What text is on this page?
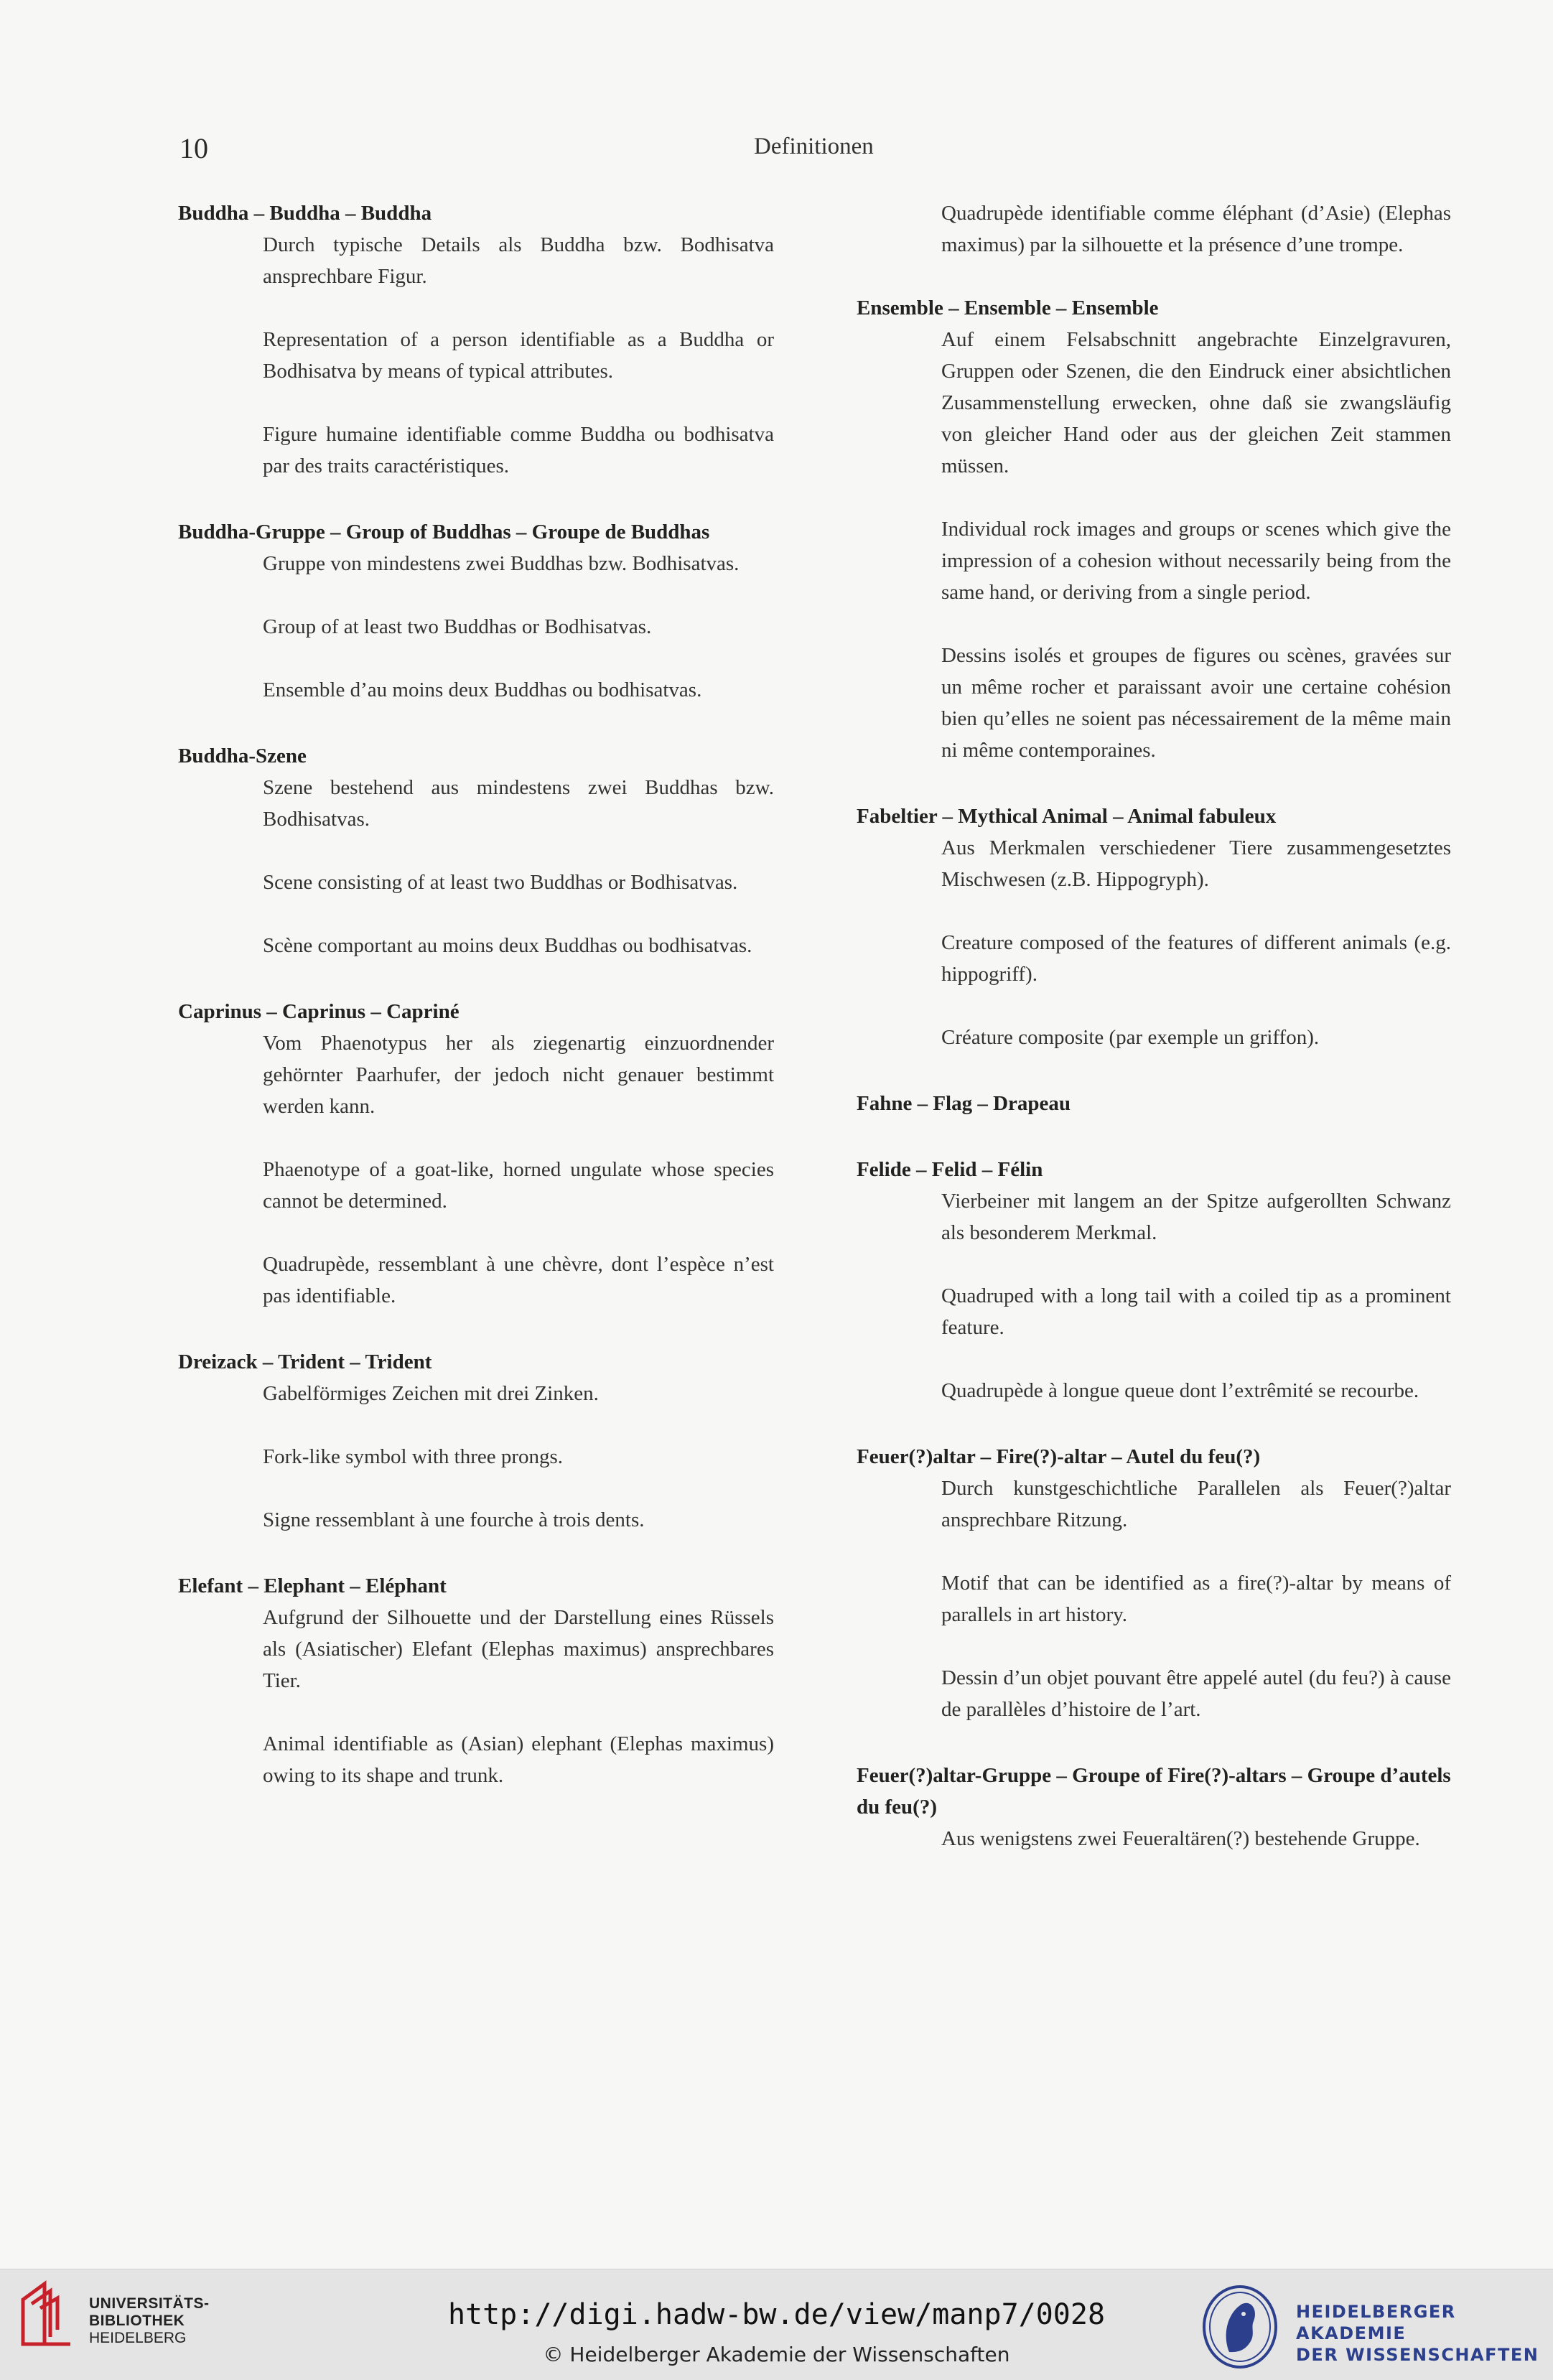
10	Definitionen

Buddha – Buddha – Buddha

Durch typische Details als Buddha bzw. Bodhisatva ansprechbare Figur.

Representation of a person identifiable as a Buddha or Bodhisatva by means of typical attributes.

Figure humaine identifiable comme Buddha ou bodhisatva par des traits caractéristiques.

Buddha-Gruppe – Group of Buddhas – Groupe de Buddhas

Gruppe von mindestens zwei Buddhas bzw. Bodhisatvas.

Group of at least two Buddhas or Bodhisatvas.

Ensemble d’au moins deux Buddhas ou bodhisatvas.

Buddha-Szene

Szene bestehend aus mindestens zwei Buddhas bzw. Bodhisatvas.

Scene consisting of at least two Buddhas or Bodhisatvas.

Scène comportant au moins deux Buddhas ou bodhisatvas.

Caprinus – Caprinus – Capriné

Vom Phaenotypus her als ziegenartig einzuordnender gehörnter Paarhufer, der jedoch nicht genauer bestimmt werden kann.

Phaenotype of a goat-like, horned ungulate whose species cannot be determined.

Quadrupède, ressemblant à une chèvre, dont l’espèce n’est pas identifiable.

Dreizack – Trident – Trident

Gabelförmiges Zeichen mit drei Zinken.

Fork-like symbol with three prongs.

Signe ressemblant à une fourche à trois dents.

Elefant – Elephant – Eléphant

Aufgrund der Silhouette und der Darstellung eines Rüssels als (Asiatischer) Elefant (Elephas maximus) ansprechbares Tier.

Animal identifiable as (Asian) elephant (Elephas maximus) owing to its shape and trunk.

Quadrupède identifiable comme éléphant (d’Asie) (Elephas maximus) par la silhouette et la présence d’une trompe.

Ensemble – Ensemble – Ensemble

Auf einem Felsabschnitt angebrachte Einzelgravuren, Gruppen oder Szenen, die den Eindruck einer absichtlichen Zusammenstellung erwecken, ohne daß sie zwangsläufig von gleicher Hand oder aus der gleichen Zeit stammen müssen.

Individual rock images and groups or scenes which give the impression of a cohesion without necessarily being from the same hand, or deriving from a single period.

Dessins isolés et groupes de figures ou scènes, gravées sur un même rocher et paraissant avoir une certaine cohésion bien qu’elles ne soient pas nécessairement de la même main ni même contemporaines.

Fabeltier – Mythical Animal – Animal fabuleux

Aus Merkmalen verschiedener Tiere zusammengesetztes Mischwesen (z.B. Hippogryph).

Creature composed of the features of different animals (e.g. hippogriff).

Créature composite (par exemple un griffon).

Fahne – Flag – Drapeau

Felide – Felid – Félin

Vierbeiner mit langem an der Spitze aufgerollten Schwanz als besonderem Merkmal.

Quadruped with a long tail with a coiled tip as a prominent feature.

Quadrupède à longue queue dont l’extrêmité se recourbe.

Feuer(?)altar – Fire(?)-altar – Autel du feu(?)

Durch kunstgeschichtliche Parallelen als Feuer(?)altar ansprechbare Ritzung.

Motif that can be identified as a fire(?)-altar by means of parallels in art history.

Dessin d’un objet pouvant être appelé autel (du feu?) à cause de parallèles d’histoire de l’art.

Feuer(?)altar-Gruppe – Groupe of Fire(?)-altars – Groupe d’autels du feu(?)

Aus wenigstens zwei Feueraltären(?) bestehende Gruppe.

UNIVERSITÄTS-
BIBLIOTHEK
HEIDELBERG
http://digi.hadw-bw.de/view/manp7/0028
© Heidelberger Akademie der Wissenschaften
HEIDELBERGER AKADEMIE
DER WISSENSCHAFTEN
